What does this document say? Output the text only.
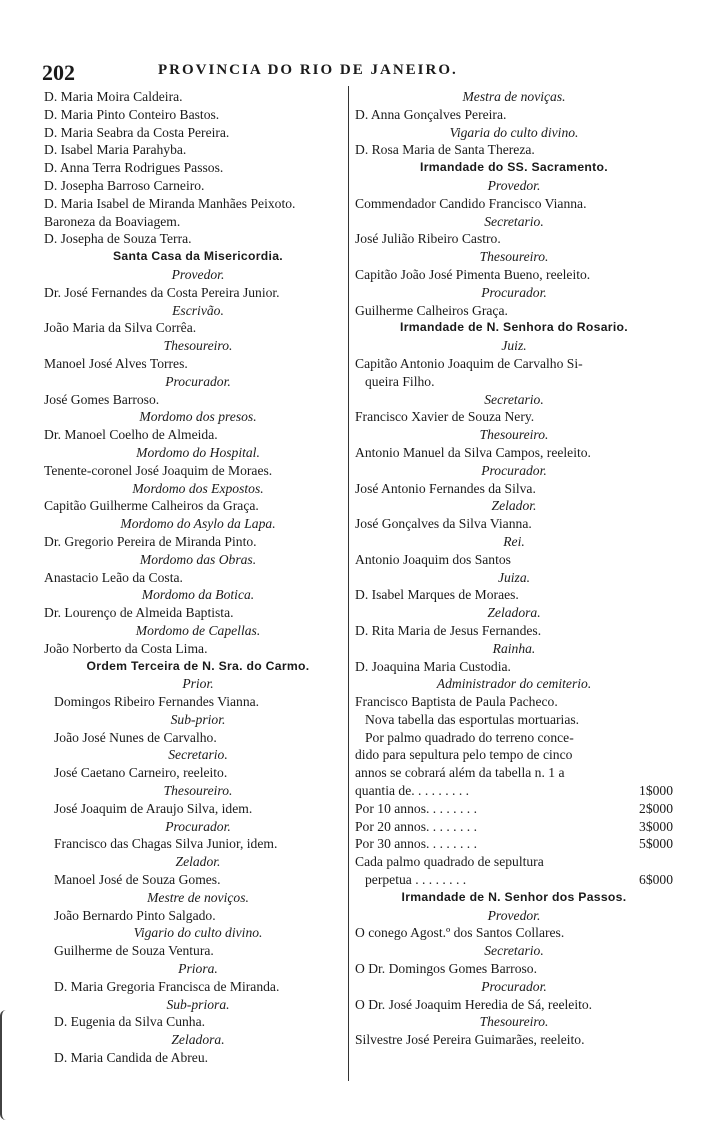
202	PROVINCIA DO RIO DE JANEIRO.
D. Maria Moira Caldeira.
D. Maria Pinto Conteiro Bastos.
D. Maria Seabra da Costa Pereira.
D. Isabel Maria Parahyba.
D. Anna Terra Rodrigues Passos.
D. Josepha Barroso Carneiro.
D. Maria Isabel de Miranda Manhães Peixoto.
Baroneza da Boaviagem.
D. Josepha de Souza Terra.
Santa Casa da Misericordia.
Provedor.
Dr. José Fernandes da Costa Pereira Junior.
Escrivão.
João Maria da Silva Corrêa.
Thesoureiro.
Manoel José Alves Torres.
Procurador.
José Gomes Barroso.
Mordomo dos presos.
Dr. Manoel Coelho de Almeida.
Mordomo do Hospital.
Tenente-coronel José Joaquim de Moraes.
Mordomo dos Expostos.
Capitão Guilherme Calheiros da Graça.
Mordomo do Asylo da Lapa.
Dr. Gregorio Pereira de Miranda Pinto.
Mordomo das Obras.
Anastacio Leão da Costa.
Mordomo da Botica.
Dr. Lourenço de Almeida Baptista.
Mordomo de Capellas.
João Norberto da Costa Lima.
Ordem Terceira de N. Sra. do Carmo.
Prior.
Domingos Ribeiro Fernandes Vianna.
Sub-prior.
João José Nunes de Carvalho.
Secretario.
José Caetano Carneiro, reeleito.
Thesoureiro.
José Joaquim de Araujo Silva, idem.
Procurador.
Francisco das Chagas Silva Junior, idem.
Zelador.
Manoel José de Souza Gomes.
Mestre de noviços.
João Bernardo Pinto Salgado.
Vigario do culto divino.
Guilherme de Souza Ventura.
Priora.
D. Maria Gregoria Francisca de Miranda.
Sub-priora.
D. Eugenia da Silva Cunha.
Zeladora.
D. Maria Candida de Abreu.
Mestra de noviças.
D. Anna Gonçalves Pereira.
Vigaria do culto divino.
D. Rosa Maria de Santa Thereza.
Irmandade do SS. Sacramento.
Provedor.
Commendador Candido Francisco Vianna.
Secretario.
José Julião Ribeiro Castro.
Thesoureiro.
Capitão João José Pimenta Bueno, reeleito.
Procurador.
Guilherme Calheiros Graça.
Irmandade de N. Senhora do Rosario.
Juiz.
Capitão Antonio Joaquim de Carvalho Si-
queira Filho.
Secretario.
Francisco Xavier de Souza Nery.
Thesoureiro.
Antonio Manuel da Silva Campos, reeleito.
Procurador.
José Antonio Fernandes da Silva.
Zelador.
José Gonçalves da Silva Vianna.
Rei.
Antonio Joaquim dos Santos
Juiza.
D. Isabel Marques de Moraes.
Zeladora.
D. Rita Maria de Jesus Fernandes.
Rainha.
D. Joaquina Maria Custodia.
Administrador do cemiterio.
Francisco Baptista de Paula Pacheco.
Nova tabella das esportulas mortuarias.
Por palmo quadrado do terreno conce-
dido para sepultura pelo tempo de cinco
annos se cobrará além da tabella n. 1 a
quantia de. . . . . . . . .	1$000
Por 10 annos. . . . . . . .	2$000
Por 20 annos. . . . . . . .	3$000
Por 30 annos. . . . . . . .	5$000
Cada palmo quadrado de sepultura
perpetua . . . . . . . .	6$000
Irmandade de N. Senhor dos Passos.
Provedor.
O conego Agost.º dos Santos Collares.
Secretario.
O Dr. Domingos Gomes Barroso.
Procurador.
O Dr. José Joaquim Heredia de Sá, reeleito.
Thesoureiro.
Silvestre José Pereira Guimarães, reeleito.
